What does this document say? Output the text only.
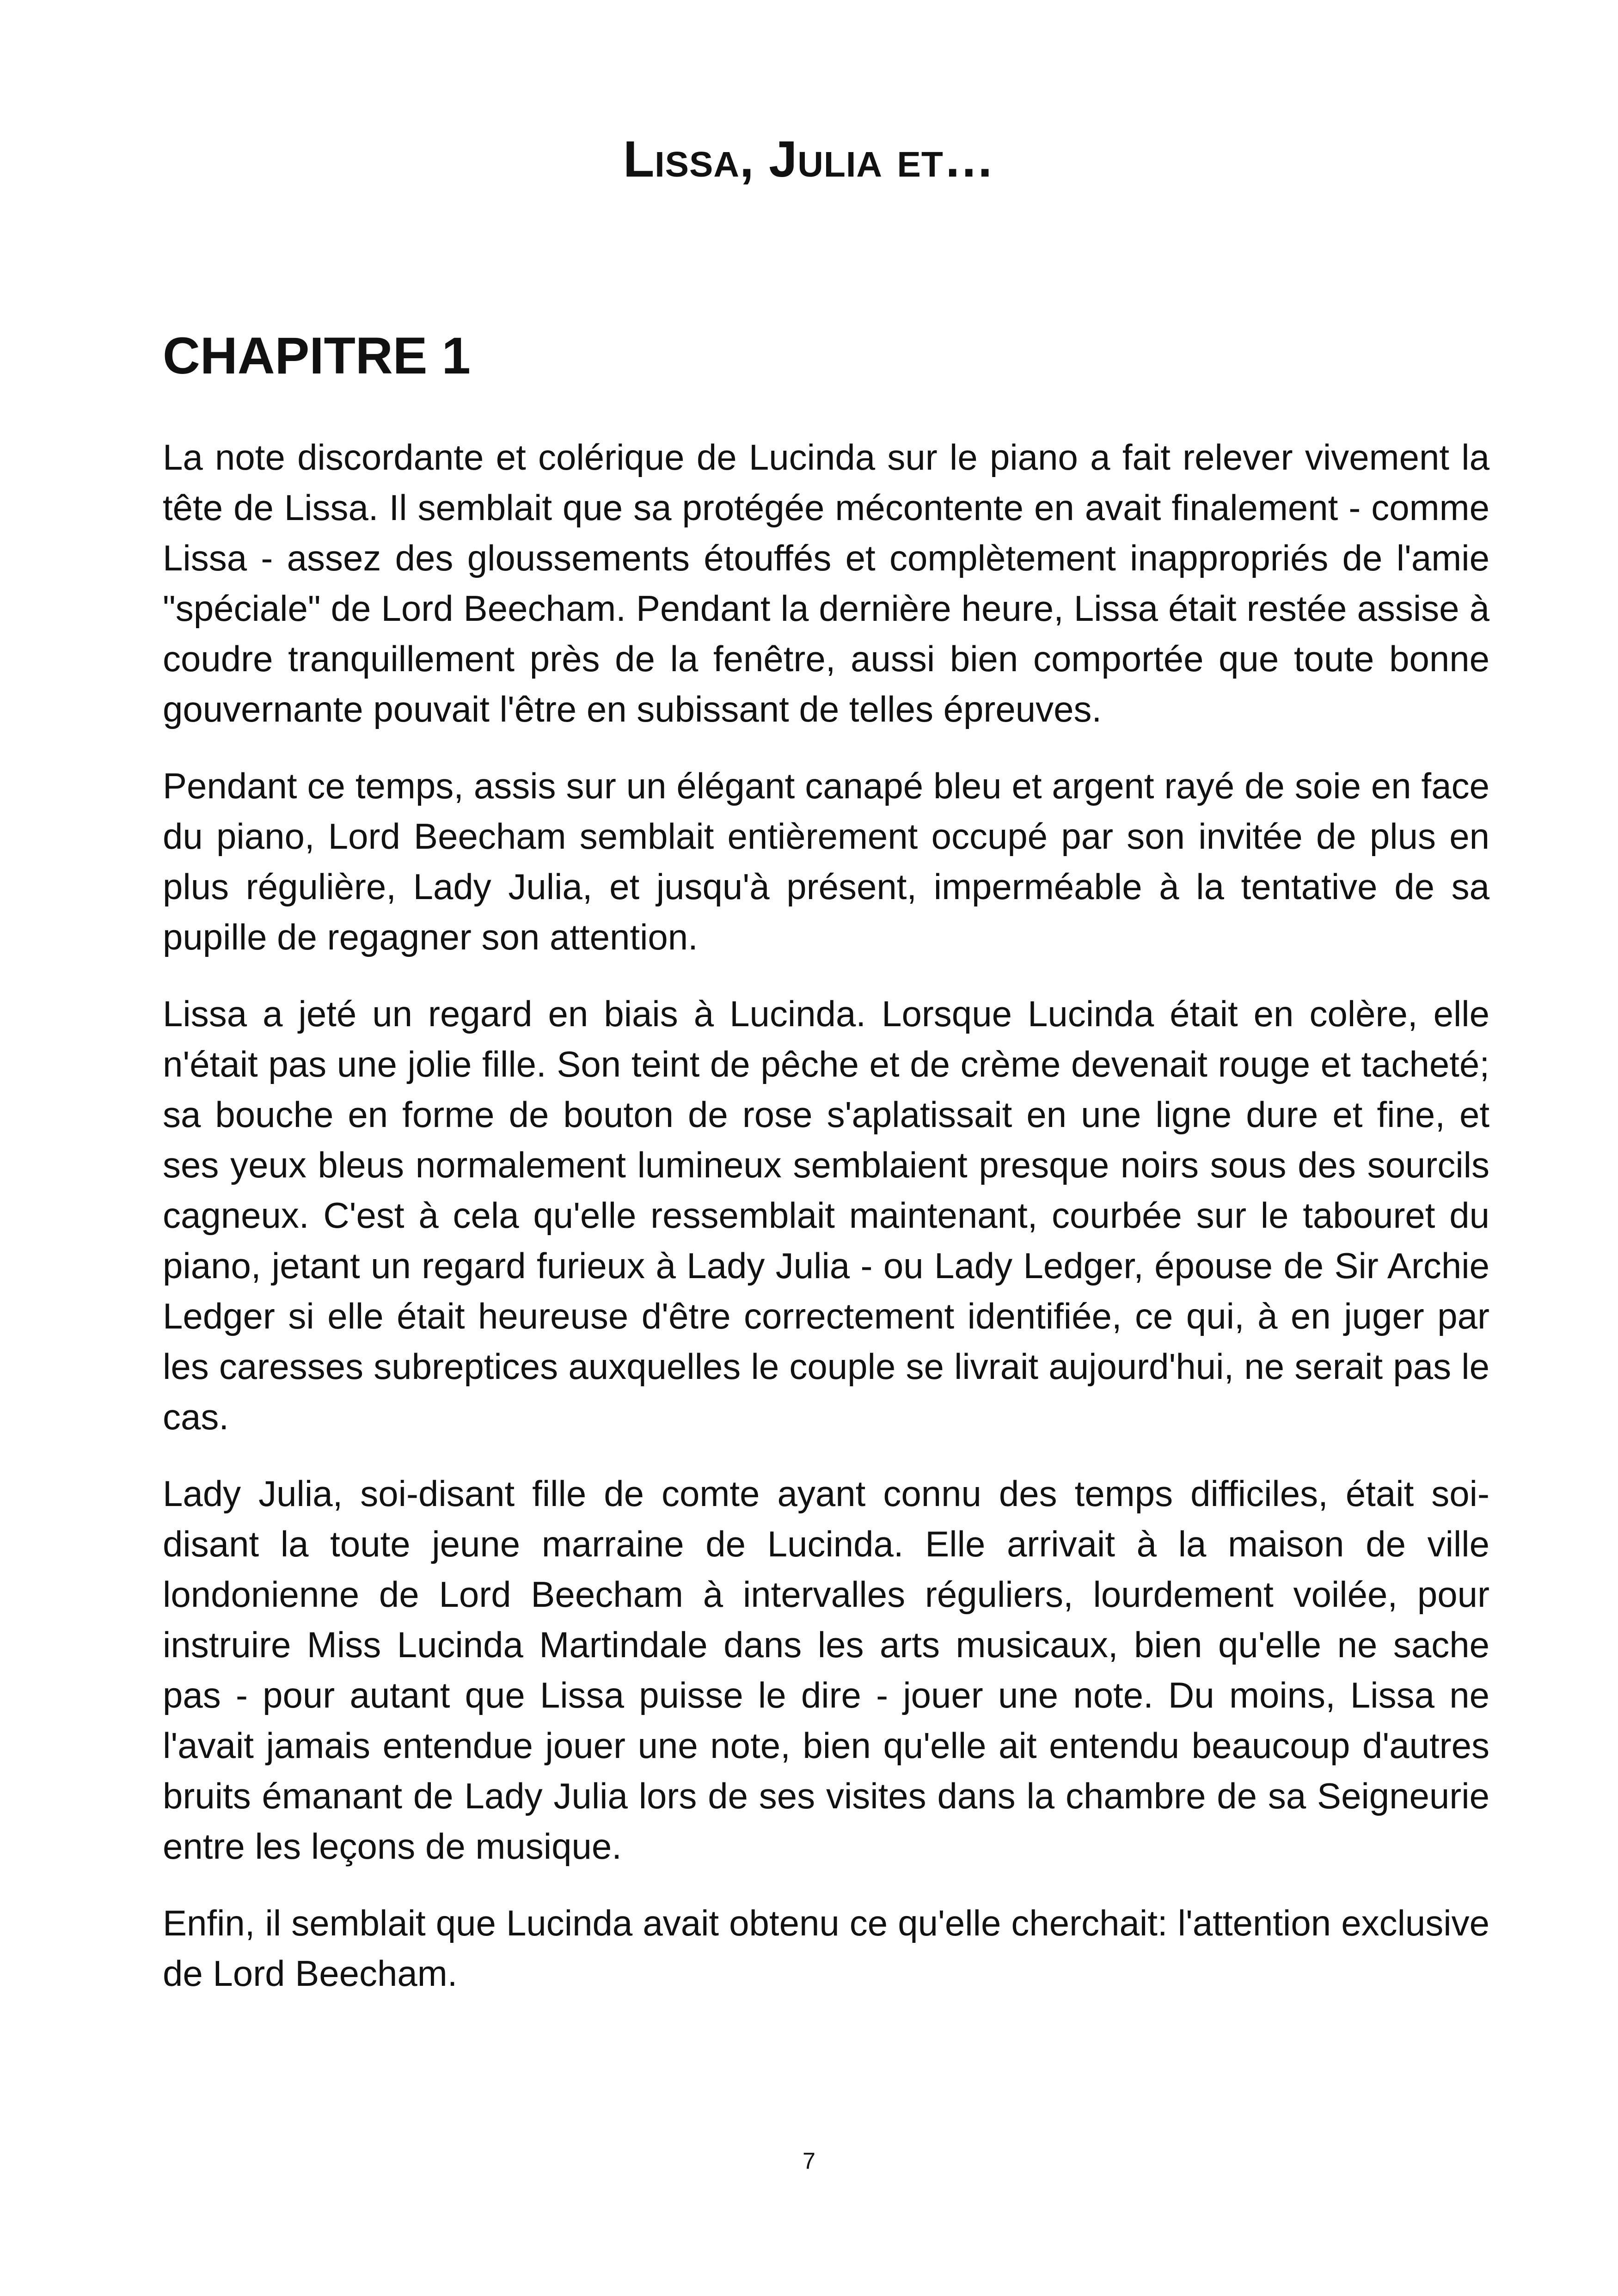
Lissa, Julia et…
CHAPITRE 1

La note discordante et colérique de Lucinda sur le piano a fait relever vivement la tête de Lissa. Il semblait que sa protégée mécontente en avait finalement - comme Lissa - assez des gloussements étouffés et complètement inappropriés de l'amie "spéciale" de Lord Beecham. Pendant la dernière heure, Lissa était restée assise à coudre tranquillement près de la fenêtre, aussi bien comportée que toute bonne gouvernante pouvait l'être en subissant de telles épreuves.

Pendant ce temps, assis sur un élégant canapé bleu et argent rayé de soie en face du piano, Lord Beecham semblait entièrement occupé par son invitée de plus en plus régulière, Lady Julia, et jusqu'à présent, imperméable à la tentative de sa pupille de regagner son attention.

Lissa a jeté un regard en biais à Lucinda. Lorsque Lucinda était en colère, elle n'était pas une jolie fille. Son teint de pêche et de crème devenait rouge et tacheté; sa bouche en forme de bouton de rose s'aplatissait en une ligne dure et fine, et ses yeux bleus normalement lumineux semblaient presque noirs sous des sourcils cagneux. C'est à cela qu'elle ressemblait maintenant, courbée sur le tabouret du piano, jetant un regard furieux à Lady Julia - ou Lady Ledger, épouse de Sir Archie Ledger si elle était heureuse d'être correctement identifiée, ce qui, à en juger par les caresses subreptices auxquelles le couple se livrait aujourd'hui, ne serait pas le cas.

Lady Julia, soi-disant fille de comte ayant connu des temps difficiles, était soi-disant la toute jeune marraine de Lucinda. Elle arrivait à la maison de ville londonienne de Lord Beecham à intervalles réguliers, lourdement voilée, pour instruire Miss Lucinda Martindale dans les arts musicaux, bien qu'elle ne sache pas - pour autant que Lissa puisse le dire - jouer une note. Du moins, Lissa ne l'avait jamais entendue jouer une note, bien qu'elle ait entendu beaucoup d'autres bruits émanant de Lady Julia lors de ses visites dans la chambre de sa Seigneurie entre les leçons de musique.

Enfin, il semblait que Lucinda avait obtenu ce qu'elle cherchait: l'attention exclusive de Lord Beecham.

7
